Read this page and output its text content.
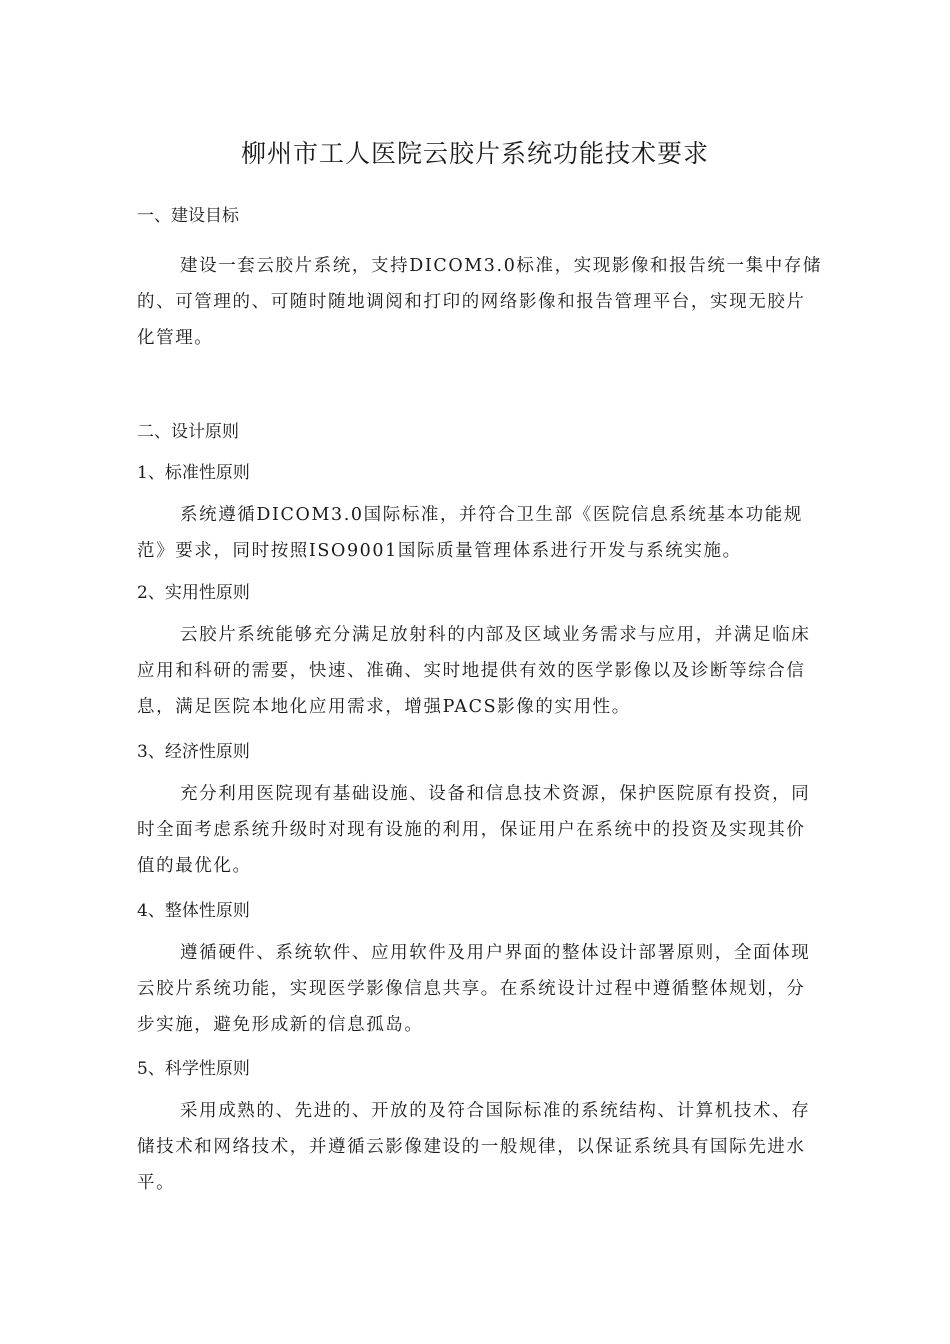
柳州市工人医院云胶片系统功能技术要求
一、建设目标
建设一套云胶片系统，支持DICOM3.0标准，实现影像和报告统一集中存储
的、可管理的、可随时随地调阅和打印的网络影像和报告管理平台，实现无胶片
化管理。
二、设计原则
1、标准性原则
系统遵循DICOM3.0国际标准，并符合卫生部《医院信息系统基本功能规
范》要求，同时按照ISO9001国际质量管理体系进行开发与系统实施。
2、实用性原则
云胶片系统能够充分满足放射科的内部及区域业务需求与应用，并满足临床
应用和科研的需要，快速、准确、实时地提供有效的医学影像以及诊断等综合信
息，满足医院本地化应用需求，增强PACS影像的实用性。
3、经济性原则
充分利用医院现有基础设施、设备和信息技术资源，保护医院原有投资，同
时全面考虑系统升级时对现有设施的利用，保证用户在系统中的投资及实现其价
值的最优化。
4、整体性原则
遵循硬件、系统软件、应用软件及用户界面的整体设计部署原则，全面体现
云胶片系统功能，实现医学影像信息共享。在系统设计过程中遵循整体规划，分
步实施，避免形成新的信息孤岛。
5、科学性原则
采用成熟的、先进的、开放的及符合国际标准的系统结构、计算机技术、存
储技术和网络技术，并遵循云影像建设的一般规律，以保证系统具有国际先进水
平。
